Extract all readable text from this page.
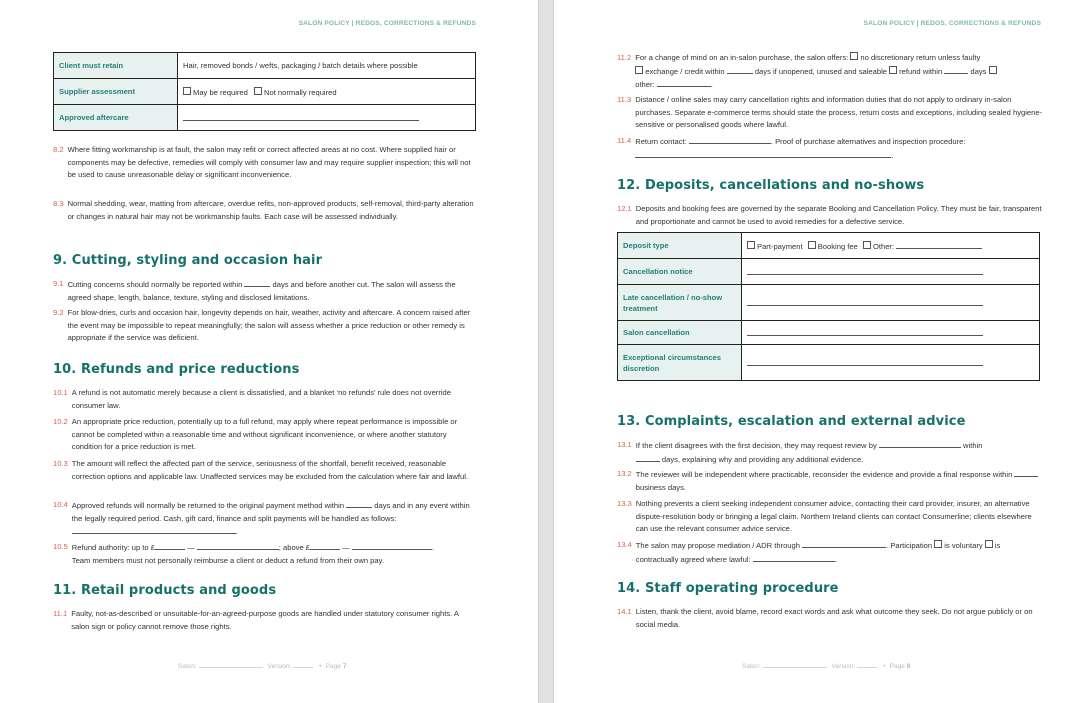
SALON POLICY | REDOS, CORRECTIONS & REFUNDS
Client must retain	Hair, removed bonds / wefts, packaging / batch details where possible
Supplier assessment	May be required Not normally required
Approved aftercare	
8.2 Where fitting workmanship is at fault, the salon may refit or correct affected areas at no cost. Where supplied hair or components may be defective, remedies will comply with consumer law and may require supplier inspection; this will not be used to cause unreasonable delay or significant inconvenience.
8.3 Normal shedding, wear, matting from aftercare, overdue refits, non-approved products, self-removal, third-party alteration or changes in natural hair may not be workmanship faults. Each case will be assessed individually.
9. Cutting, styling and occasion hair
9.1 Cutting concerns should normally be reported within	days and before another cut. The salon will assess the agreed shape, length, balance, texture, styling and disclosed limitations.
9.2 For blow-dries, curls and occasion hair, longevity depends on hair, weather, activity and aftercare. A concern raised after the event may be impossible to repeat meaningfully; the salon will assess whether a price reduction or other remedy is appropriate if the service was deficient.
10. Refunds and price reductions
10.1 A refund is not automatic merely because a client is dissatisfied, and a blanket ‘no refunds’ rule does not override consumer law.
10.2 An appropriate price reduction, potentially up to a full refund, may apply where repeat performance is impossible or cannot be completed within a reasonable time and without significant inconvenience, or where another statutory condition for a price reduction is met.
10.3 The amount will reflect the affected part of the service, seriousness of the shortfall, benefit received, reasonable correction options and applicable law. Unaffected services may be excluded from the calculation where fair and lawful.
10.4 Approved refunds will normally be returned to the original payment method within	days and in any event within the legally required period. Cash, gift card, finance and split payments will be handled as follows: .
10.5 Refund authority: up to £	—	; above £	—	.
Team members must not personally reimburse a client or deduct a refund from their own pay.
11. Retail products and goods
11.1 Faulty, not-as-described or unsuitable-for-an-agreed-purpose goods are handled under statutory consumer rights. A salon sign or policy cannot remove those rights.
Salon:	Version:	• Page 7
SALON POLICY | REDOS, CORRECTIONS & REFUNDS
11.2 For a change of mind on an in-salon purchase, the salon offers: no discretionary return unless faulty
exchange / credit within	days if unopened, unused and saleable refund within	days
other:	.
11.3 Distance / online sales may carry cancellation rights and information duties that do not apply to ordinary in-salon purchases. Separate e-commerce terms should state the process, return costs and exceptions, including sealed hygiene-sensitive or personalised goods where lawful.
11.4 Return contact:	. Proof of purchase alternatives and inspection procedure:
.
12. Deposits, cancellations and no-shows
12.1 Deposits and booking fees are governed by the separate Booking and Cancellation Policy. They must be fair, transparent and proportionate and cannot be used to avoid remedies for a defective service.
Deposit type	Part-payment Booking fee Other:
Cancellation notice	
Late cancellation / no-show treatment	
Salon cancellation	
Exceptional circumstances discretion	
13. Complaints, escalation and external advice
13.1 If the client disagrees with the first decision, they may request review by	within
days, explaining why and providing any additional evidence.
13.2 The reviewer will be independent where practicable, reconsider the evidence and provide a final response within  business days.
13.3 Nothing prevents a client seeking independent consumer advice, contacting their card provider, insurer, an alternative dispute-resolution body or bringing a legal claim. Northern Ireland clients can contact Consumerline; clients elsewhere can use the relevant consumer advice service.
13.4 The salon may propose mediation / ADR through	. Participation is voluntary is contractually agreed where lawful:	.
14. Staff operating procedure
14.1 Listen, thank the client, avoid blame, record exact words and ask what outcome they seek. Do not argue publicly or on social media.
Salon:	Version:	• Page 8
